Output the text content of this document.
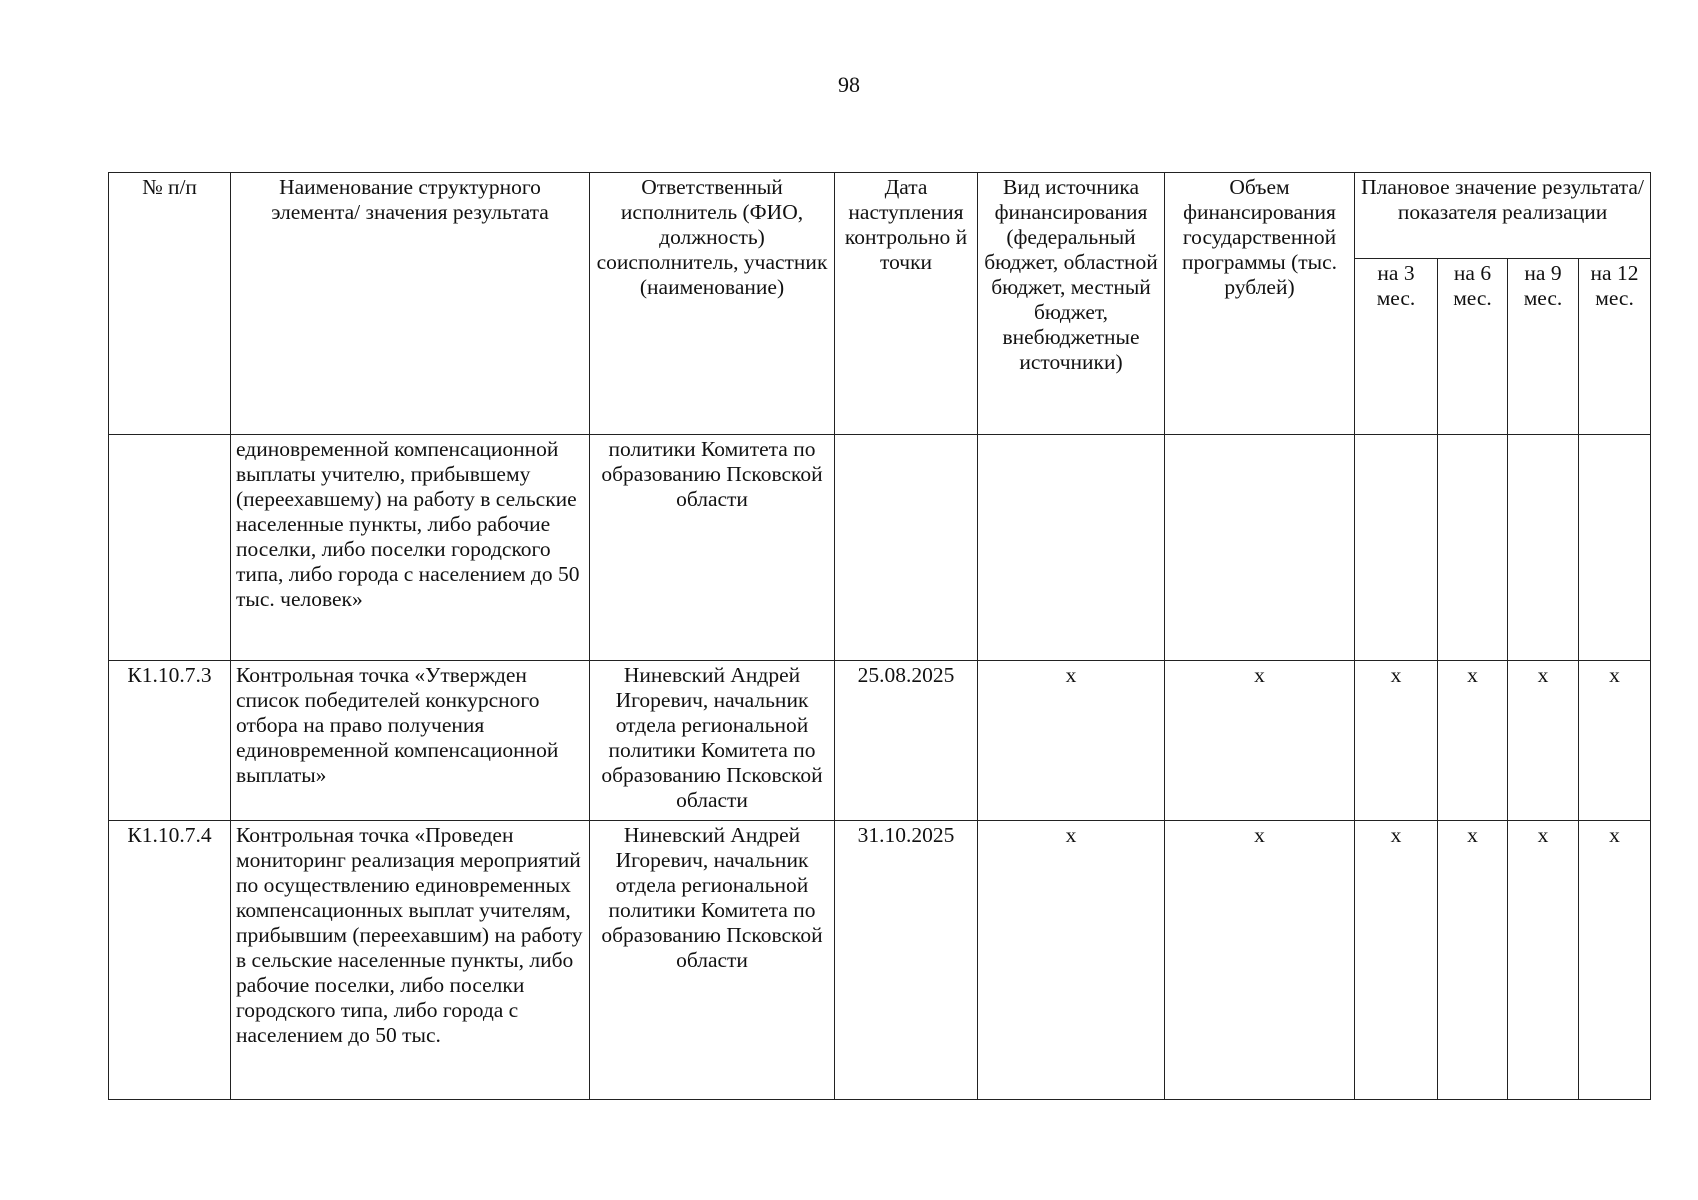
98
№ п/п	Наименование структурного элемента/ значения результата	Ответственный исполнитель (ФИО, должность) соисполнитель, участник (наименование)	Дата наступления контрольно й точки	Вид источника финансирования (федеральный бюджет, областной бюджет, местный бюджет, внебюджетные источники)	Объем финансирования государственной программы (тыс. рублей)	Плановое значение результата/показателя реализации			
						на 3 мес.	на 6 мес.	на 9 мес.	на 12 мес.
	единовременной компенсационной выплаты учителю, прибывшему (переехавшему) на работу в сельские населенные пункты, либо рабочие поселки, либо поселки городского типа, либо города с населением до 50 тыс. человек»	политики Комитета по образованию Псковской области							
К1.10.7.3	Контрольная точка «Утвержден список победителей конкурсного отбора на право получения единовременной компенсационной выплаты»	Ниневский Андрей Игоревич, начальник отдела региональной политики Комитета по образованию Псковской области	25.08.2025	х	х	х	х	х	х
К1.10.7.4	Контрольная точка «Проведен мониторинг реализация мероприятий по осуществлению единовременных компенсационных выплат учителям, прибывшим (переехавшим) на работу в сельские населенные пункты, либо рабочие поселки, либо поселки городского типа, либо города с населением до 50 тыс.	Ниневский Андрей Игоревич, начальник отдела региональной политики Комитета по образованию Псковской области	31.10.2025	х	х	х	х	х	х
